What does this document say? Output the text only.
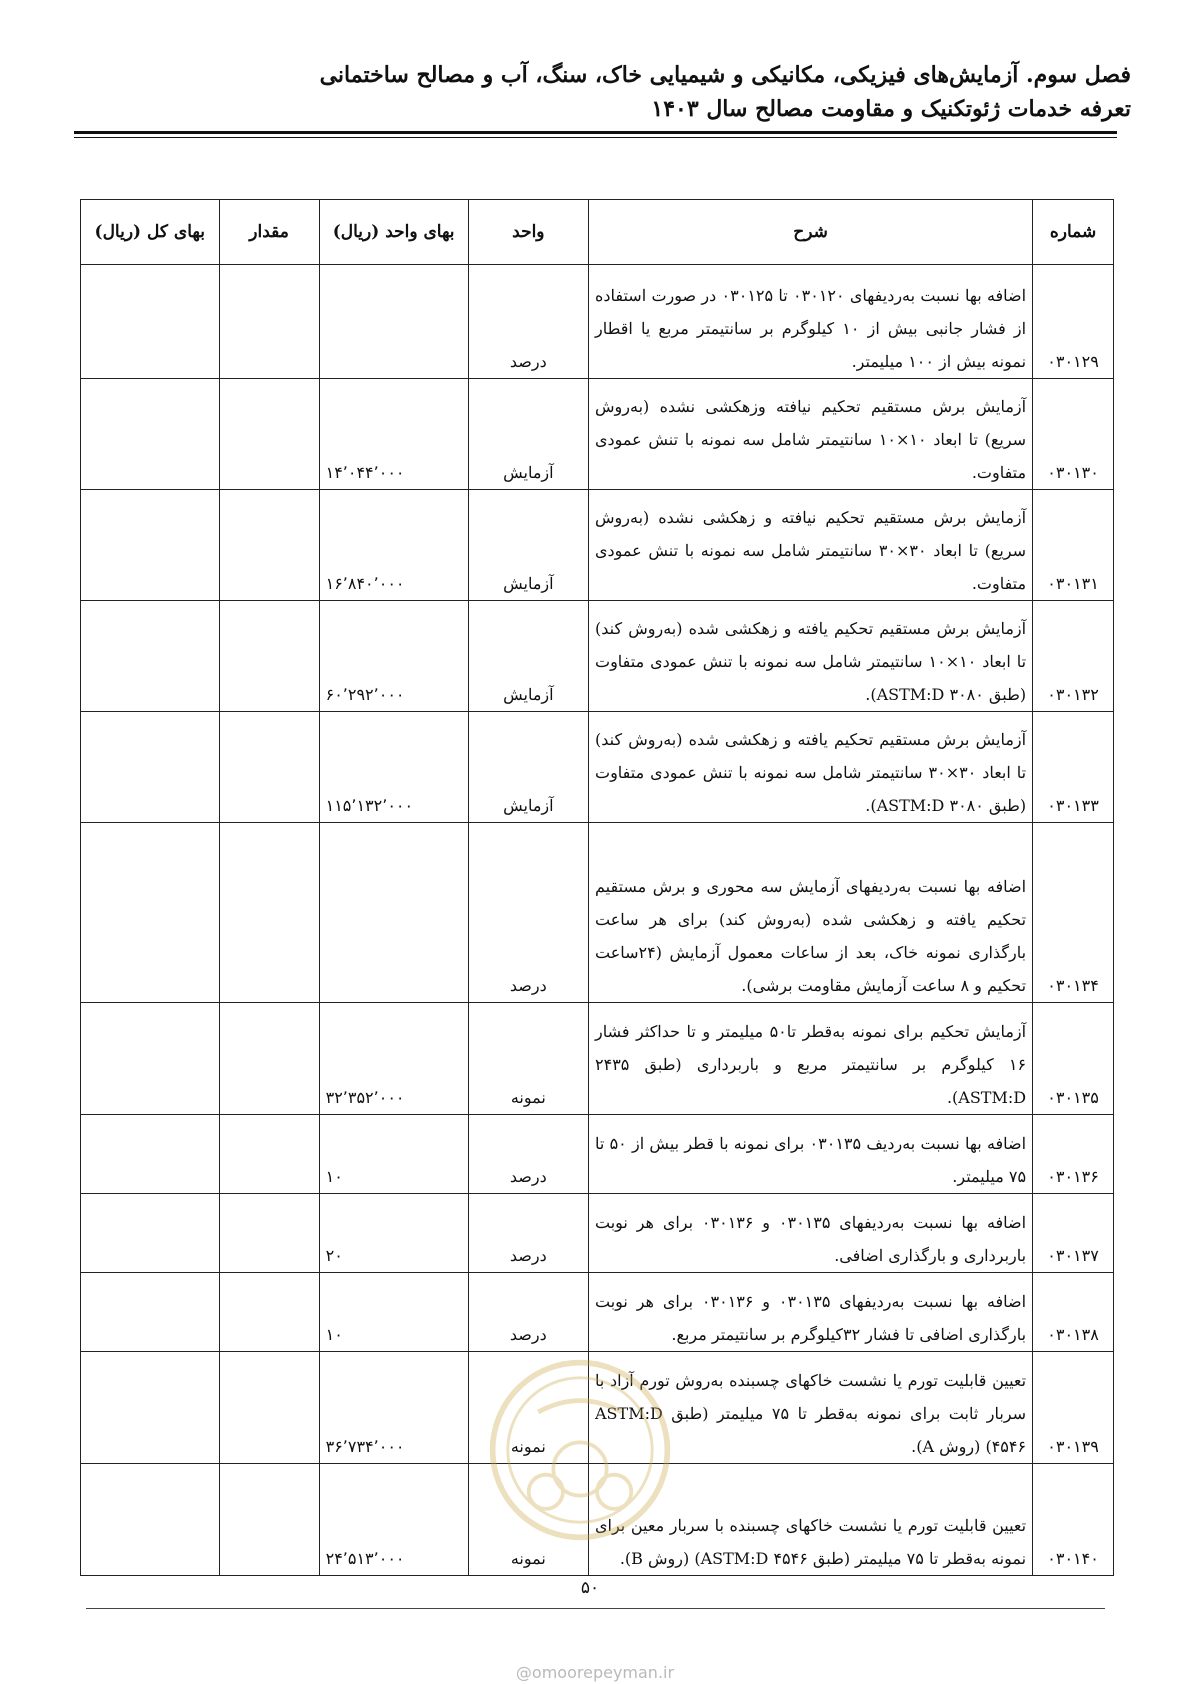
فصل سوم. آزمایش‌های فیزیکی، مکانیکی و شیمیایی خاک، سنگ، آب و مصالح ساختمانی
تعرفه خدمات ژئوتکنیک و مقاومت مصالح سال ۱۴۰۳
شماره	شرح	واحد	بهای واحد (ریال)	مقدار	بهای کل (ریال)
۰۳۰۱۲۹	اضافه بها نسبت به‌ردیفهای ۰۳۰۱۲۰ تا ۰۳۰۱۲۵ در صورت استفاده از فشار جانبی بیش از ۱۰ کیلوگرم بر سانتیمتر مربع یا اقطار نمونه بیش از ۱۰۰ میلیمتر.	درصد			
۰۳۰۱۳۰	آزمایش برش مستقیم تحکیم نیافته وزهکشی نشده (به‌روش سریع) تا ابعاد ۱۰×۱۰ سانتیمتر شامل سه نمونه با تنش عمودی متفاوت.	آزمایش	۱۴٬۰۴۴٬۰۰۰		
۰۳۰۱۳۱	آزمایش برش مستقیم تحکیم نیافته و زهکشی نشده (به‌روش سریع) تا ابعاد ۳۰×۳۰ سانتیمتر شامل سه نمونه با تنش عمودی متفاوت.	آزمایش	۱۶٬۸۴۰٬۰۰۰		
۰۳۰۱۳۲	آزمایش برش مستقیم تحکیم یافته و زهکشی شده (به‌روش کند) تا ابعاد ۱۰×۱۰ سانتیمتر شامل سه نمونه با تنش عمودی متفاوت (طبق ASTM:D ۳۰۸۰).	آزمایش	۶۰٬۲۹۲٬۰۰۰		
۰۳۰۱۳۳	آزمایش برش مستقیم تحکیم یافته و زهکشی شده (به‌روش کند) تا ابعاد ۳۰×۳۰ سانتیمتر شامل سه نمونه با تنش عمودی متفاوت (طبق ASTM:D ۳۰۸۰).	آزمایش	۱۱۵٬۱۳۲٬۰۰۰		
۰۳۰۱۳۴	اضافه بها نسبت به‌ردیفهای آزمایش سه محوری و برش مستقیم تحکیم یافته و زهکشی شده (به‌روش کند) برای هر ساعت بارگذاری نمونه خاک، بعد از ساعات معمول آزمایش (۲۴ساعت تحکیم و ۸ ساعت آزمایش مقاومت برشی).	درصد			
۰۳۰۱۳۵	آزمایش تحکیم برای نمونه به‌قطر تا۵۰ میلیمتر و تا حداکثر فشار ۱۶ کیلوگرم بر سانتیمتر مربع و باربرداری (طبق ۲۴۳۵ ASTM:D).	نمونه	۳۲٬۳۵۲٬۰۰۰		
۰۳۰۱۳۶	اضافه بها نسبت به‌ردیف ۰۳۰۱۳۵ برای نمونه با قطر بیش از ۵۰ تا ۷۵ میلیمتر.	درصد	۱۰		
۰۳۰۱۳۷	اضافه بها نسبت به‌ردیفهای ۰۳۰۱۳۵ و ۰۳۰۱۳۶ برای هر نوبت باربرداری و بارگذاری اضافی.	درصد	۲۰		
۰۳۰۱۳۸	اضافه بها نسبت به‌ردیفهای ۰۳۰۱۳۵ و ۰۳۰۱۳۶ برای هر نوبت بارگذاری اضافی تا فشار ۳۲کیلوگرم بر سانتیمتر مربع.	درصد	۱۰		
۰۳۰۱۳۹	تعیین قابلیت تورم یا نشست خاکهای چسبنده به‌روش تورم آزاد با سربار ثابت برای نمونه به‌قطر تا ۷۵ میلیمتر (طبق ASTM:D ۴۵۴۶) (روش A).	نمونه	۳۶٬۷۳۴٬۰۰۰		
۰۳۰۱۴۰	تعیین قابلیت تورم یا نشست خاکهای چسبنده با سربار معین برای نمونه به‌قطر تا ۷۵ میلیمتر (طبق ۴۵۴۶ ASTM:D) (روش B).	نمونه	۲۴٬۵۱۳٬۰۰۰		
۵۰
@omoorepeyman.ir
